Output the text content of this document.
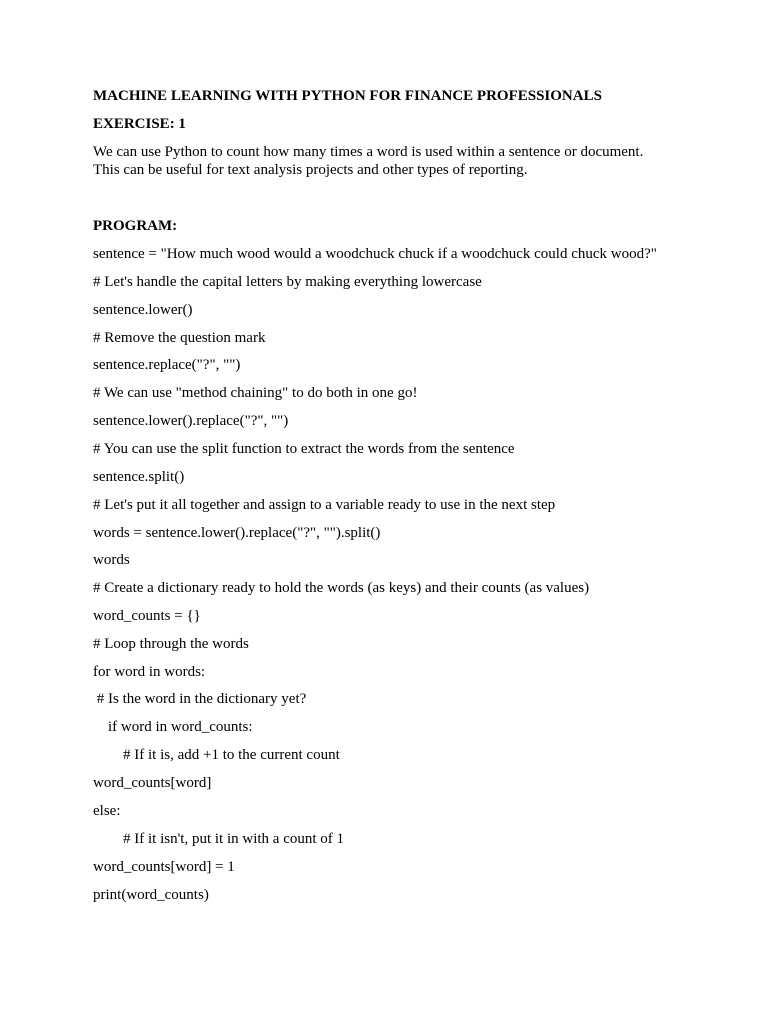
MACHINE LEARNING WITH PYTHON FOR FINANCE PROFESSIONALS
EXERCISE: 1
We can use Python to count how many times a word is used within a sentence or document.
This can be useful for text analysis projects and other types of reporting.
PROGRAM:
sentence = "How much wood would a woodchuck chuck if a woodchuck could chuck wood?"
# Let's handle the capital letters by making everything lowercase
sentence.lower()
# Remove the question mark
sentence.replace("?", "")
# We can use "method chaining" to do both in one go!
sentence.lower().replace("?", "")
# You can use the split function to extract the words from the sentence
sentence.split()
# Let's put it all together and assign to a variable ready to use in the next step
words = sentence.lower().replace("?", "").split()
words
# Create a dictionary ready to hold the words (as keys) and their counts (as values)
word_counts = {}
# Loop through the words
for word in words:
# Is the word in the dictionary yet?
if word in word_counts:
# If it is, add +1 to the current count
word_counts[word]
else:
# If it isn't, put it in with a count of 1
word_counts[word] = 1
print(word_counts)
